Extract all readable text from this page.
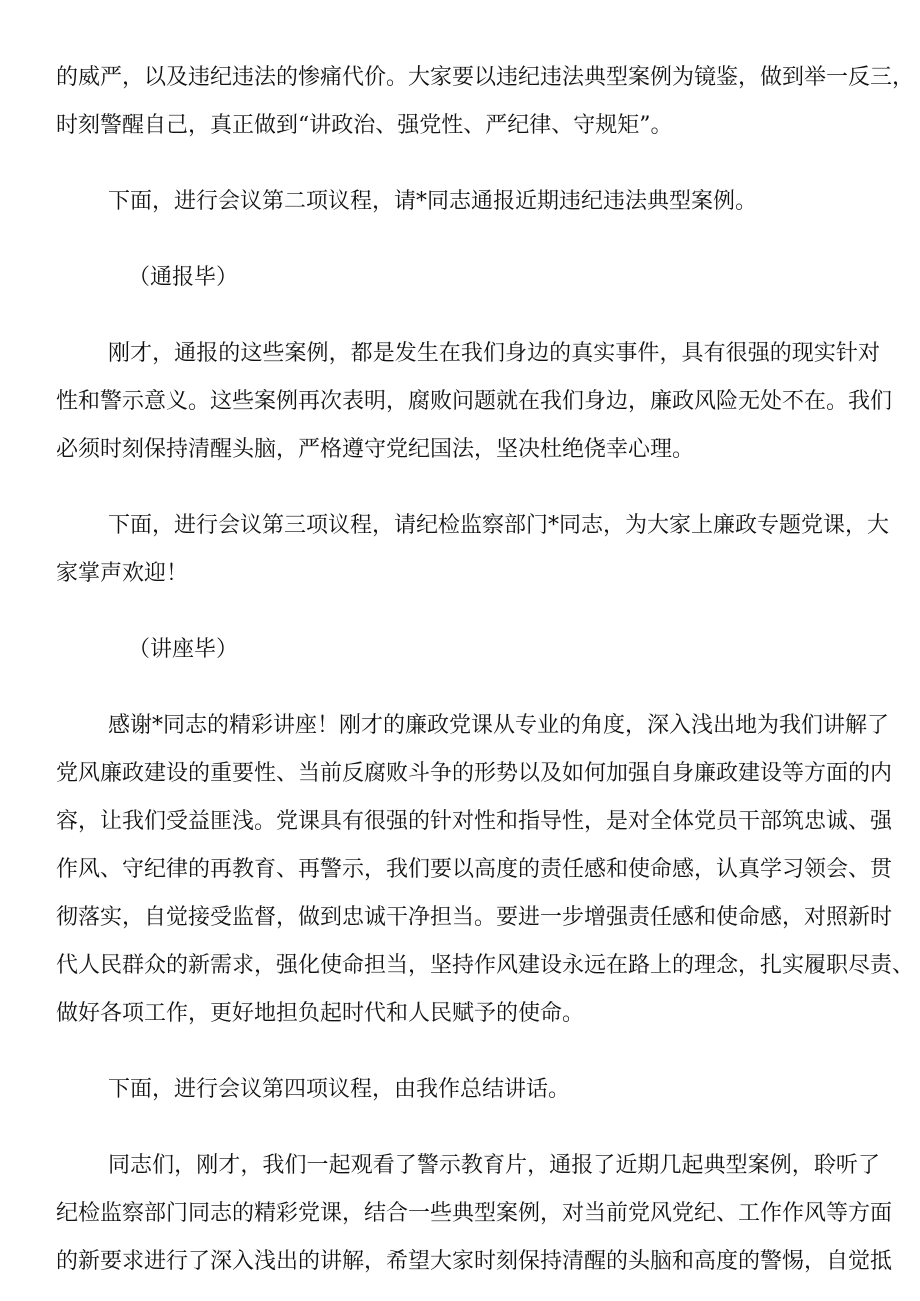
的威严，以及违纪违法的惨痛代价。大家要以违纪违法典型案例为镜鉴，做到举一反三，
时刻警醒自己，真正做到“讲政治、强党性、严纪律、守规矩”。
下面，进行会议第二项议程，请*同志通报近期违纪违法典型案例。
（通报毕）
刚才，通报的这些案例，都是发生在我们身边的真实事件，具有很强的现实针对
性和警示意义。这些案例再次表明，腐败问题就在我们身边，廉政风险无处不在。我们
必须时刻保持清醒头脑，严格遵守党纪国法，坚决杜绝侥幸心理。
下面，进行会议第三项议程，请纪检监察部门*同志，为大家上廉政专题党课，大
家掌声欢迎！
（讲座毕）
感谢*同志的精彩讲座！刚才的廉政党课从专业的角度，深入浅出地为我们讲解了
党风廉政建设的重要性、当前反腐败斗争的形势以及如何加强自身廉政建设等方面的内
容，让我们受益匪浅。党课具有很强的针对性和指导性，是对全体党员干部筑忠诚、强
作风、守纪律的再教育、再警示，我们要以高度的责任感和使命感，认真学习领会、贯
彻落实，自觉接受监督，做到忠诚干净担当。要进一步增强责任感和使命感，对照新时
代人民群众的新需求，强化使命担当，坚持作风建设永远在路上的理念，扎实履职尽责、
做好各项工作，更好地担负起时代和人民赋予的使命。
下面，进行会议第四项议程，由我作总结讲话。
同志们，刚才，我们一起观看了警示教育片，通报了近期几起典型案例，聆听了
纪检监察部门同志的精彩党课，结合一些典型案例，对当前党风党纪、工作作风等方面
的新要求进行了深入浅出的讲解，希望大家时刻保持清醒的头脑和高度的警惕，自觉抵
